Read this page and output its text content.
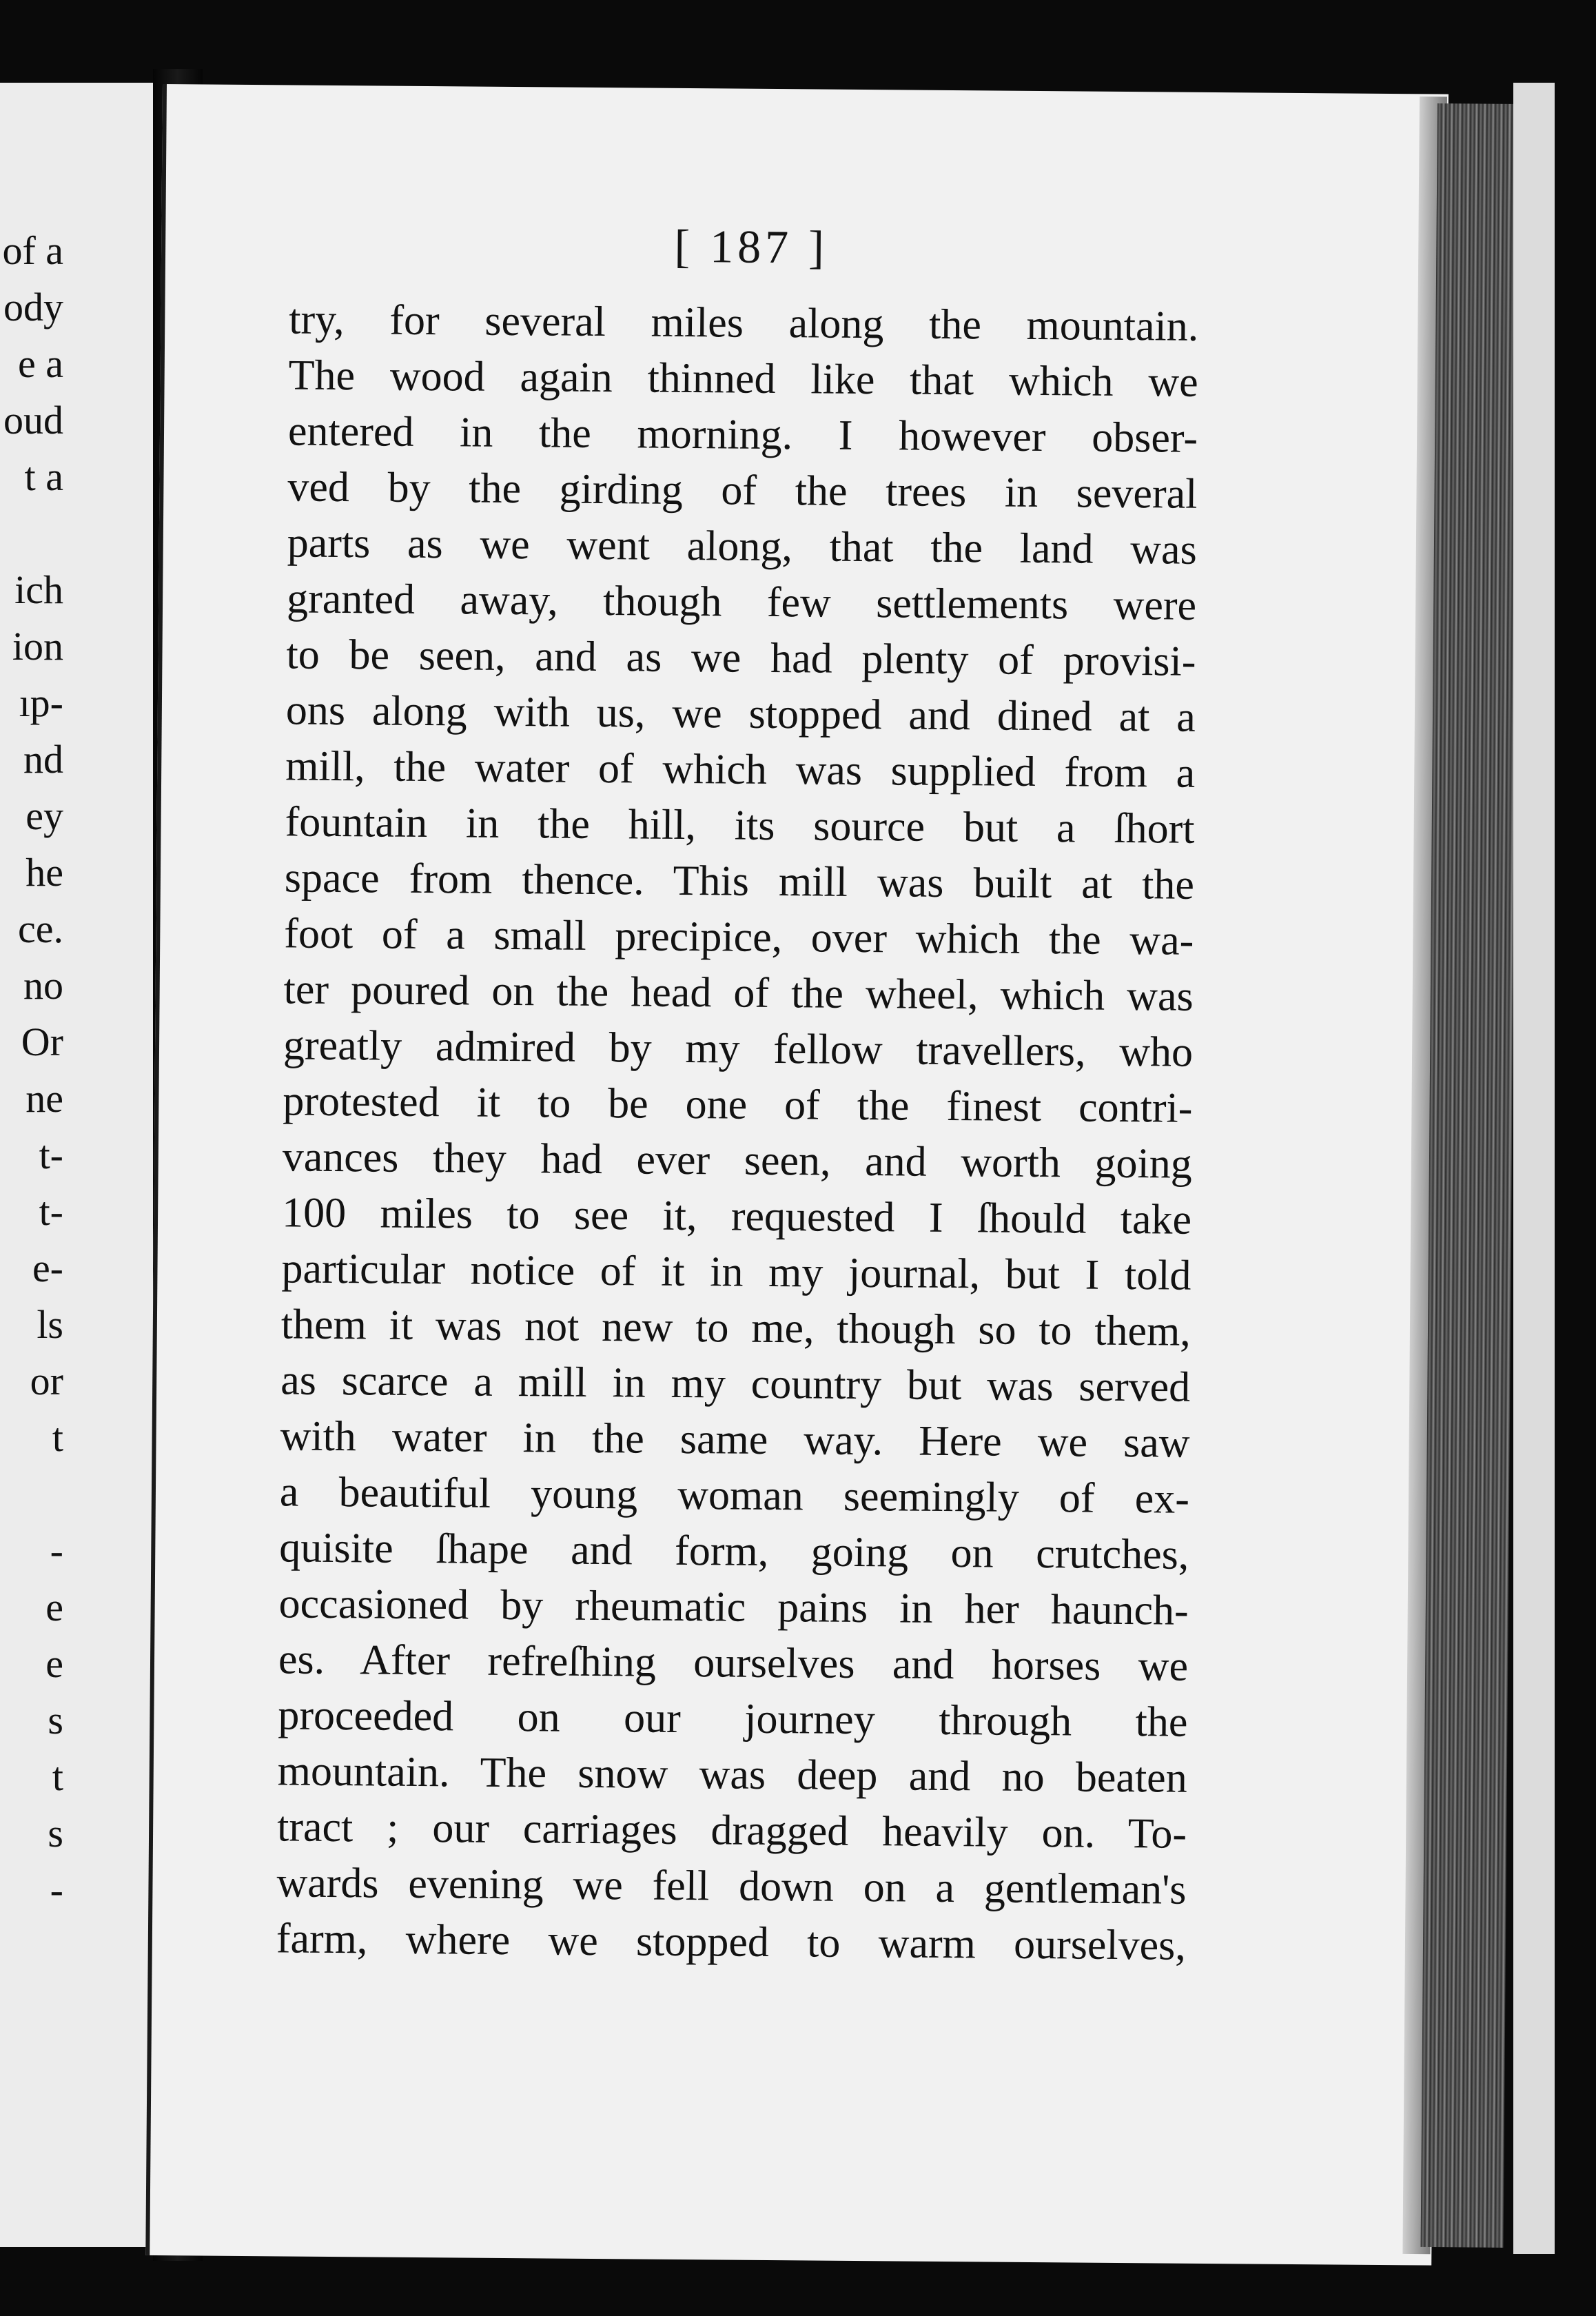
of a
ody
e a
oud
t a
ich
ion
ıp-
nd
ey
he
ce.
no
Or
ne
t-
t-
e-
ls
or
t
-
e
e
s
t
s
-
[ 187 ]
try, for several miles along the mountain.
The wood again thinned like that which we
entered in the morning. I however obser-
ved by the girding of the trees in several
parts as we went along, that the land was
granted away, though few settlements were
to be seen, and as we had plenty of provisi-
ons along with us, we stopped and dined at a
mill, the water of which was supplied from a
fountain in the hill, its source but a ſhort
space from thence. This mill was built at the
foot of a small precipice, over which the wa-
ter poured on the head of the wheel, which was
greatly admired by my fellow travellers, who
protested it to be one of the finest contri-
vances they had ever seen, and worth going
100 miles to see it, requested I ſhould take
particular notice of it in my journal, but I told
them it was not new to me, though so to them,
as scarce a mill in my country but was served
with water in the same way. Here we saw
a beautiful young woman seemingly of ex-
quisite ſhape and form, going on crutches,
occasioned by rheumatic pains in her haunch-
es. After refreſhing ourselves and horses we
proceeded on our journey through the
mountain. The snow was deep and no beaten
tract ; our carriages dragged heavily on. To-
wards evening we fell down on a gentleman's
farm, where we stopped to warm ourselves,
